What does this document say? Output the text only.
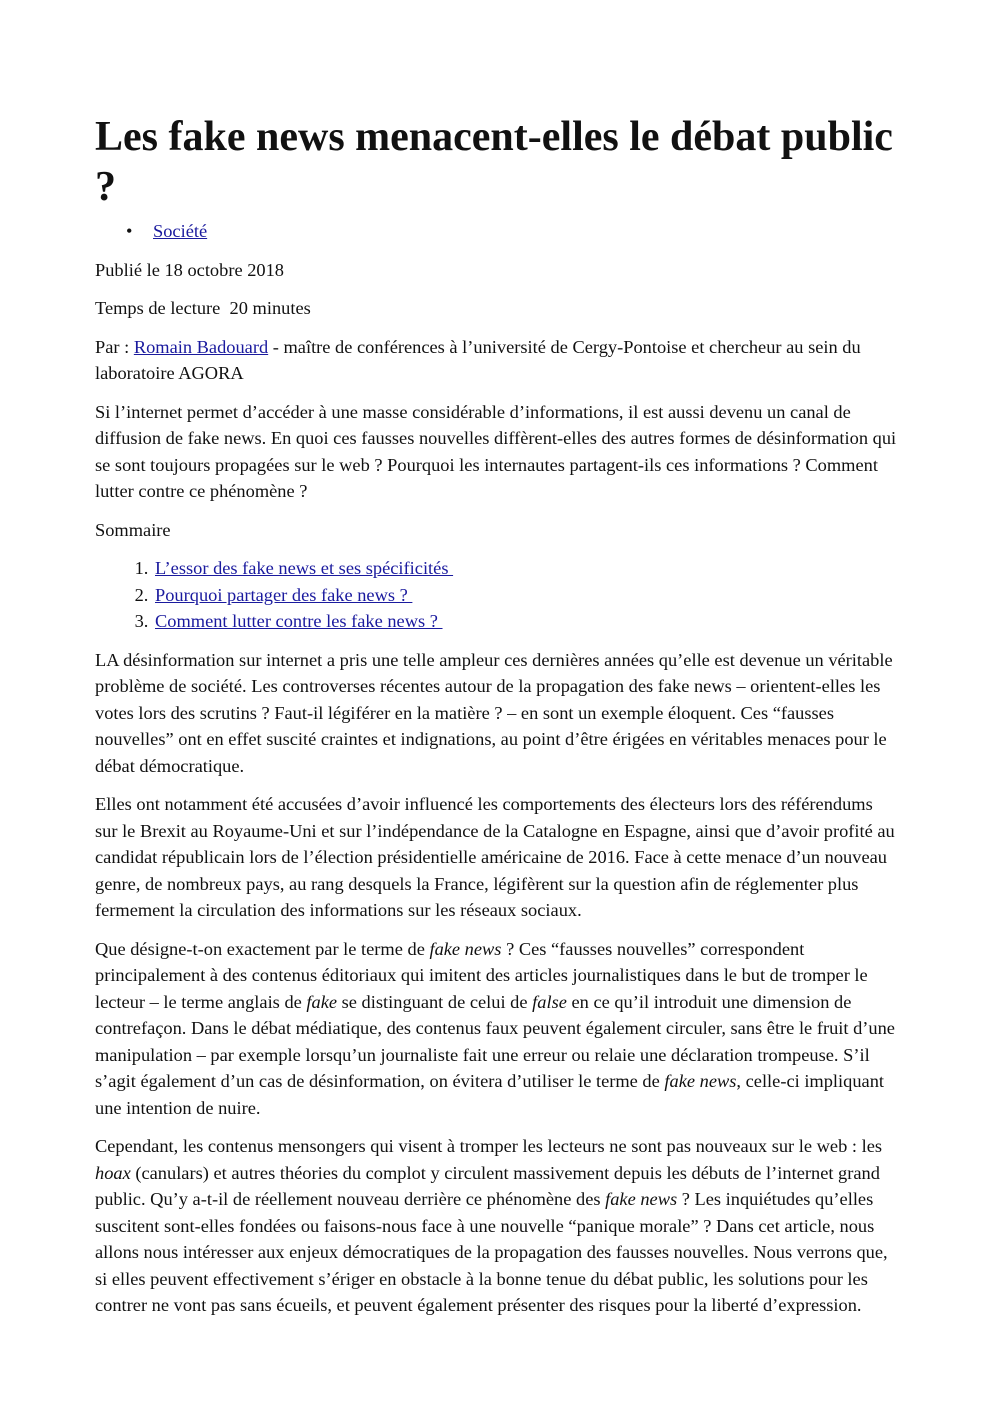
Les fake news menacent-elles le débat public ?
• Société

Publié le 18 octobre 2018

Temps de lecture  20 minutes

Par : Romain Badouard - maître de conférences à l’université de Cergy-Pontoise et chercheur au sein du laboratoire AGORA

Si l’internet permet d’accéder à une masse considérable d’informations, il est aussi devenu un canal de diffusion de fake news. En quoi ces fausses nouvelles diffèrent-elles des autres formes de désinformation qui se sont toujours propagées sur le web ? Pourquoi les internautes partagent-ils ces informations ? Comment lutter contre ce phénomène ?

Sommaire

1. L’essor des fake news et ses spécificités
2. Pourquoi partager des fake news ?
3. Comment lutter contre les fake news ?

LA désinformation sur internet a pris une telle ampleur ces dernières années qu’elle est devenue un véritable problème de société. Les controverses récentes autour de la propagation des fake news – orientent-elles les votes lors des scrutins ? Faut-il légiférer en la matière ? – en sont un exemple éloquent. Ces “fausses nouvelles” ont en effet suscité craintes et indignations, au point d’être érigées en véritables menaces pour le débat démocratique.

Elles ont notamment été accusées d’avoir influencé les comportements des électeurs lors des référendums sur le Brexit au Royaume-Uni et sur l’indépendance de la Catalogne en Espagne, ainsi que d’avoir profité au candidat républicain lors de l’élection présidentielle américaine de 2016. Face à cette menace d’un nouveau genre, de nombreux pays, au rang desquels la France, légifèrent sur la question afin de réglementer plus fermement la circulation des informations sur les réseaux sociaux.

Que désigne-t-on exactement par le terme de fake news ? Ces “fausses nouvelles” correspondent principalement à des contenus éditoriaux qui imitent des articles journalistiques dans le but de tromper le lecteur – le terme anglais de fake se distinguant de celui de false en ce qu’il introduit une dimension de contrefaçon. Dans le débat médiatique, des contenus faux peuvent également circuler, sans être le fruit d’une manipulation – par exemple lorsqu’un journaliste fait une erreur ou relaie une déclaration trompeuse. S’il s’agit également d’un cas de désinformation, on évitera d’utiliser le terme de fake news, celle-ci impliquant une intention de nuire.

Cependant, les contenus mensongers qui visent à tromper les lecteurs ne sont pas nouveaux sur le web : les hoax (canulars) et autres théories du complot y circulent massivement depuis les débuts de l’internet grand public. Qu’y a-t-il de réellement nouveau derrière ce phénomène des fake news ? Les inquiétudes qu’elles suscitent sont-elles fondées ou faisons-nous face à une nouvelle “panique morale” ? Dans cet article, nous allons nous intéresser aux enjeux démocratiques de la propagation des fausses nouvelles. Nous verrons que, si elles peuvent effectivement s’ériger en obstacle à la bonne tenue du débat public, les solutions pour les contrer ne vont pas sans écueils, et peuvent également présenter des risques pour la liberté d’expression.
